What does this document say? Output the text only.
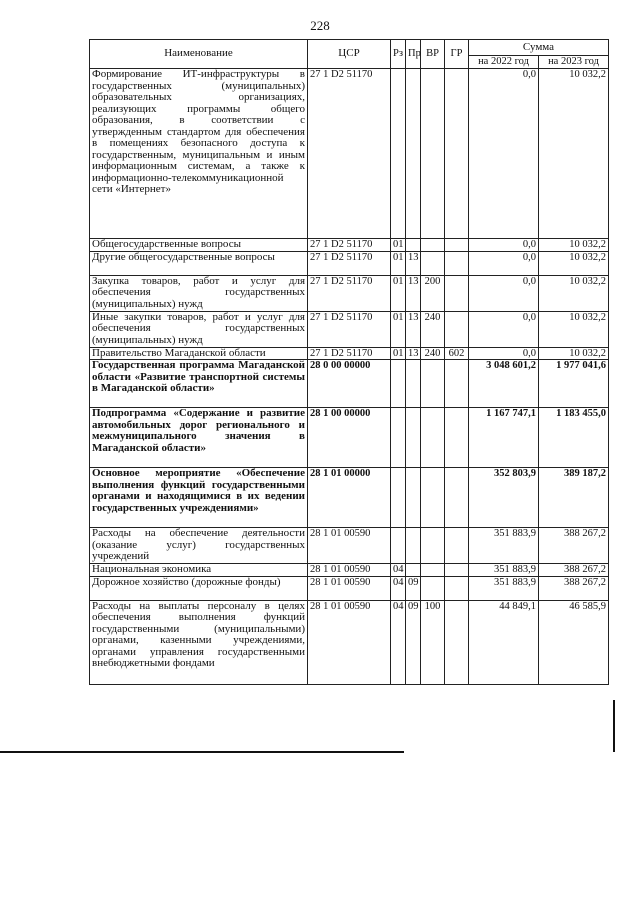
228
Наименование	ЦСР	Рз	Пр	ВР	ГР	Сумма	
						на 2022 год	на 2023 год
Формирование ИТ-инфраструктуры в государственных (муниципальных) образовательных организациях, реализующих программы общего образования, в соответствии с утвержденным стандартом для обеспечения в помещениях безопасного доступа к государственным, муниципальным и иным информационным системам, а также к информационно-телекоммуникационной сети «Интернет»	27 1 D2 51170					0,0	10 032,2
Общегосударственные вопросы	27 1 D2 51170	01				0,0	10 032,2
Другие общегосударственные вопросы	27 1 D2 51170	01	13			0,0	10 032,2
Закупка товаров, работ и услуг для обеспечения государственных (муниципальных) нужд	27 1 D2 51170	01	13	200		0,0	10 032,2
Иные закупки товаров, работ и услуг для обеспечения государственных (муниципальных) нужд	27 1 D2 51170	01	13	240		0,0	10 032,2
Правительство Магаданской области	27 1 D2 51170	01	13	240	602	0,0	10 032,2
Государственная программа Магаданской области «Развитие транспортной системы в Магаданской области»	28 0 00 00000					3 048 601,2	1 977 041,6
Подпрограмма «Содержание и развитие автомобильных дорог регионального и межмуниципального значения в Магаданской области»	28 1 00 00000					1 167 747,1	1 183 455,0
Основное мероприятие «Обеспечение выполнения функций государственными органами и находящимися в их ведении государственных учреждениями»	28 1 01 00000					352 803,9	389 187,2
Расходы на обеспечение деятельности (оказание услуг) государственных учреждений	28 1 01 00590					351 883,9	388 267,2
Национальная экономика	28 1 01 00590	04				351 883,9	388 267,2
Дорожное хозяйство (дорожные фонды)	28 1 01 00590	04	09			351 883,9	388 267,2
Расходы на выплаты персоналу в целях обеспечения выполнения функций государственными (муниципальными) органами, казенными учреждениями, органами управления государственными внебюджетными фондами	28 1 01 00590	04	09	100		44 849,1	46 585,9
